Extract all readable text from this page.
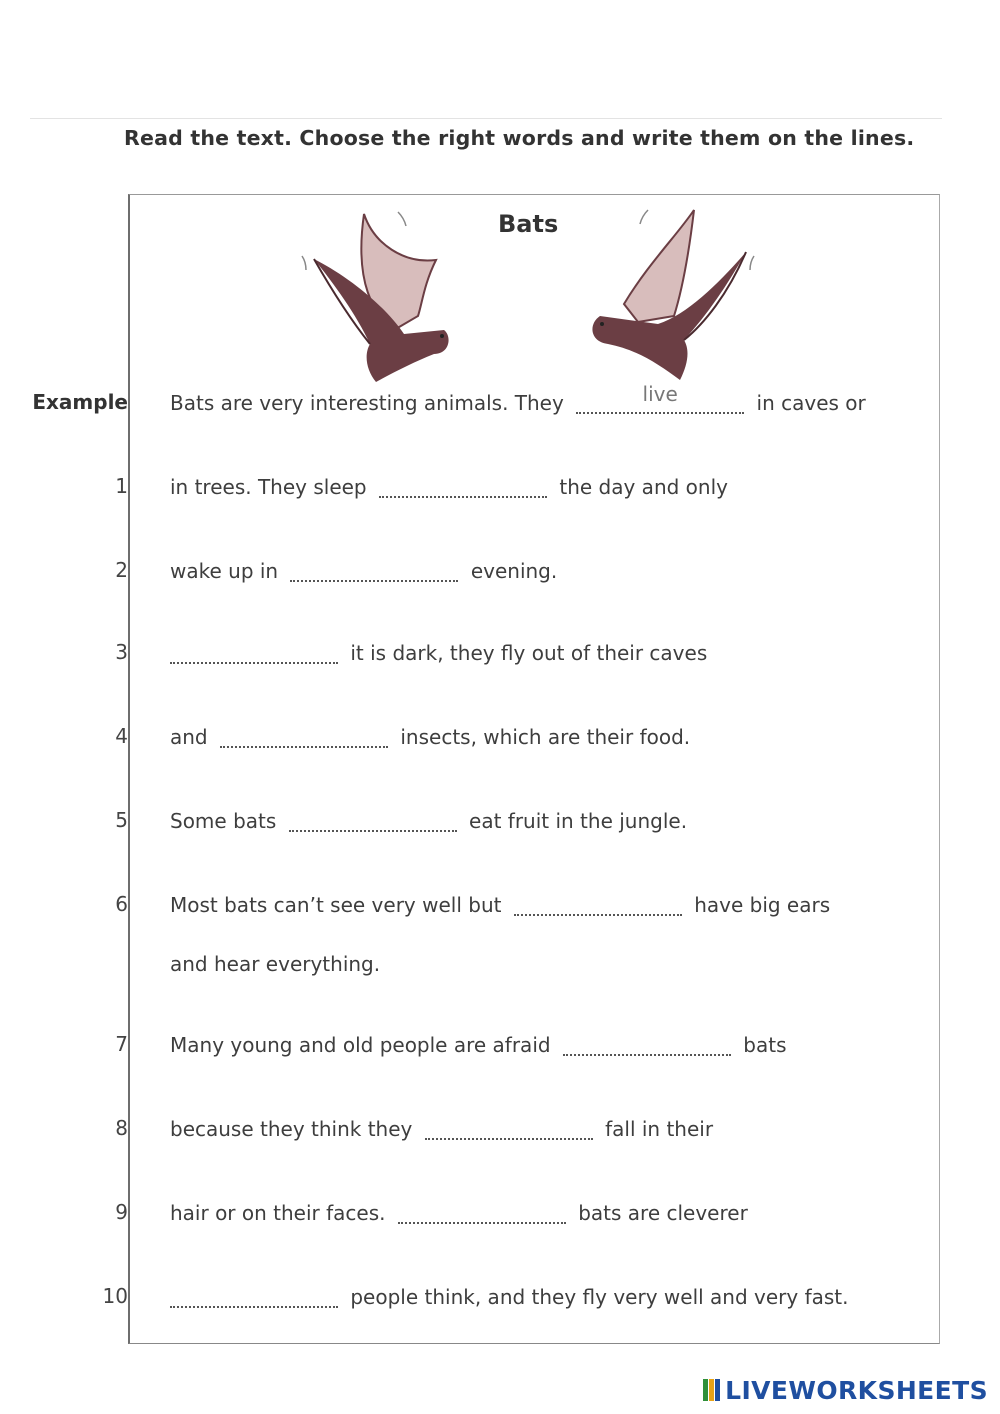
Read the text. Choose the right words and write them on the lines.
Bats
Example Bats are very interesting animals. They	live	in caves or
1 in trees. They sleep	the day and only
2 wake up in	evening.
3	it is dark, they fly out of their caves
4 and	insects, which are their food.
5 Some bats	eat fruit in the jungle.
6 Most bats can’t see very well but	have big ears
and hear everything.
7 Many young and old people are afraid	bats
8 because they think they	fall in their
9 hair or on their faces.	bats are cleverer
10	people think, and they fly very well and very fast.
LIVEWORKSHEETS
